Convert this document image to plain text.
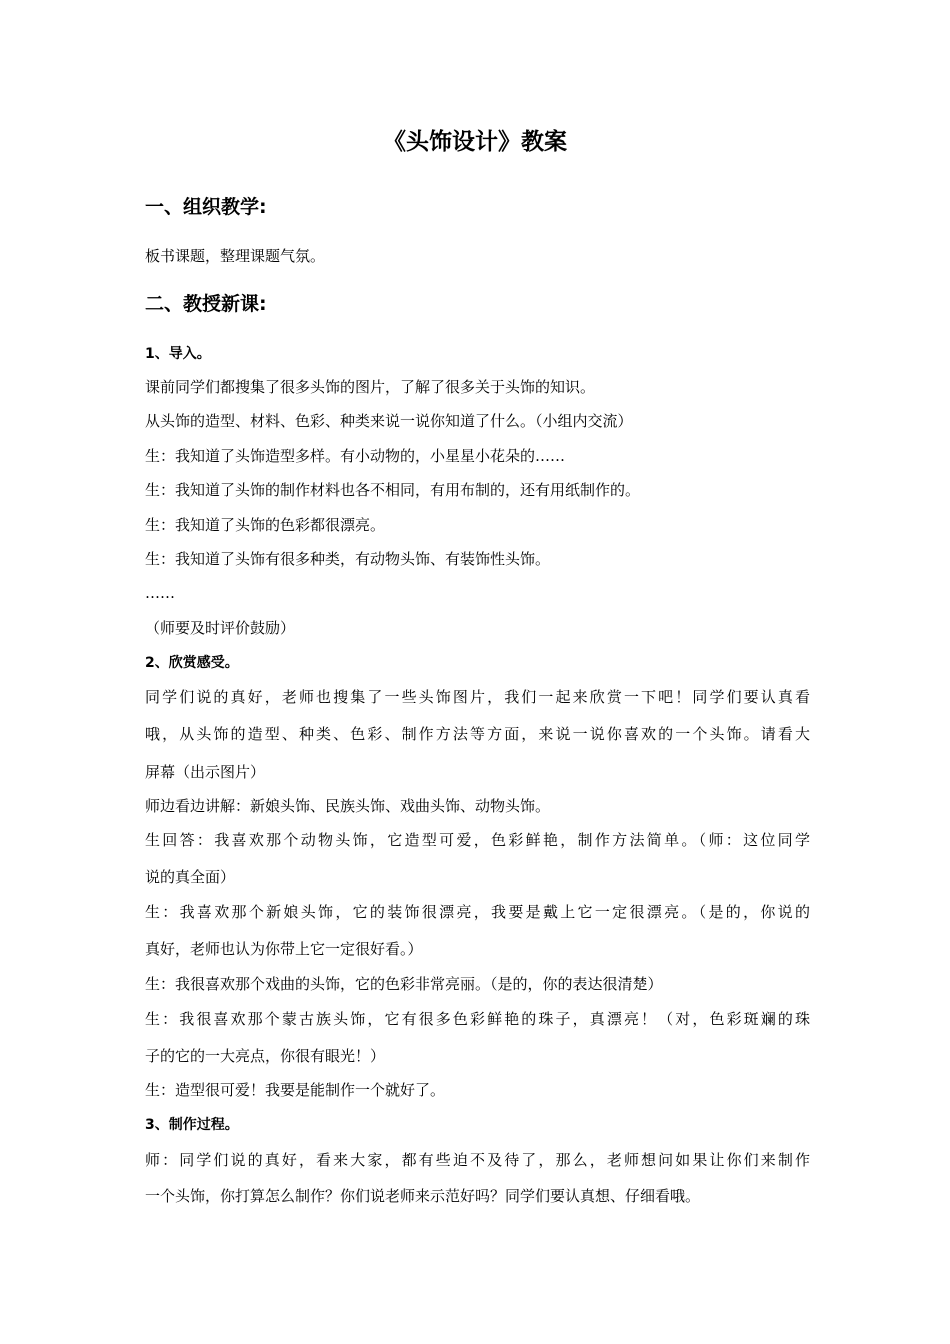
《头饰设计》教案
一、组织教学:

板书课题，整理课题气氛。

二、教授新课:

1、导入。

课前同学们都搜集了很多头饰的图片，了解了很多关于头饰的知识。

从头饰的造型、材料、色彩、种类来说一说你知道了什么。（小组内交流）

生：我知道了头饰造型多样。有小动物的，小星星小花朵的……

生：我知道了头饰的制作材料也各不相同，有用布制的，还有用纸制作的。

生：我知道了头饰的色彩都很漂亮。

生：我知道了头饰有很多种类，有动物头饰、有装饰性头饰。

……

（师要及时评价鼓励）

2、欣赏感受。

同学们说的真好，老师也搜集了一些头饰图片，我们一起来欣赏一下吧！同学们要认真看

哦，从头饰的造型、种类、色彩、制作方法等方面，来说一说你喜欢的一个头饰。请看大

屏幕（出示图片）

师边看边讲解：新娘头饰、民族头饰、戏曲头饰、动物头饰。

生回答：我喜欢那个动物头饰，它造型可爱，色彩鲜艳，制作方法简单。（师：这位同学

说的真全面）

生：我喜欢那个新娘头饰，它的装饰很漂亮，我要是戴上它一定很漂亮。（是的，你说的

真好，老师也认为你带上它一定很好看。）

生：我很喜欢那个戏曲的头饰，它的色彩非常亮丽。（是的，你的表达很清楚）

生：我很喜欢那个蒙古族头饰，它有很多色彩鲜艳的珠子，真漂亮！（对，色彩斑斓的珠

子的它的一大亮点，你很有眼光！）

生：造型很可爱！我要是能制作一个就好了。

3、制作过程。

师：同学们说的真好，看来大家，都有些迫不及待了，那么，老师想问如果让你们来制作

一个头饰，你打算怎么制作？你们说老师来示范好吗？同学们要认真想、仔细看哦。
